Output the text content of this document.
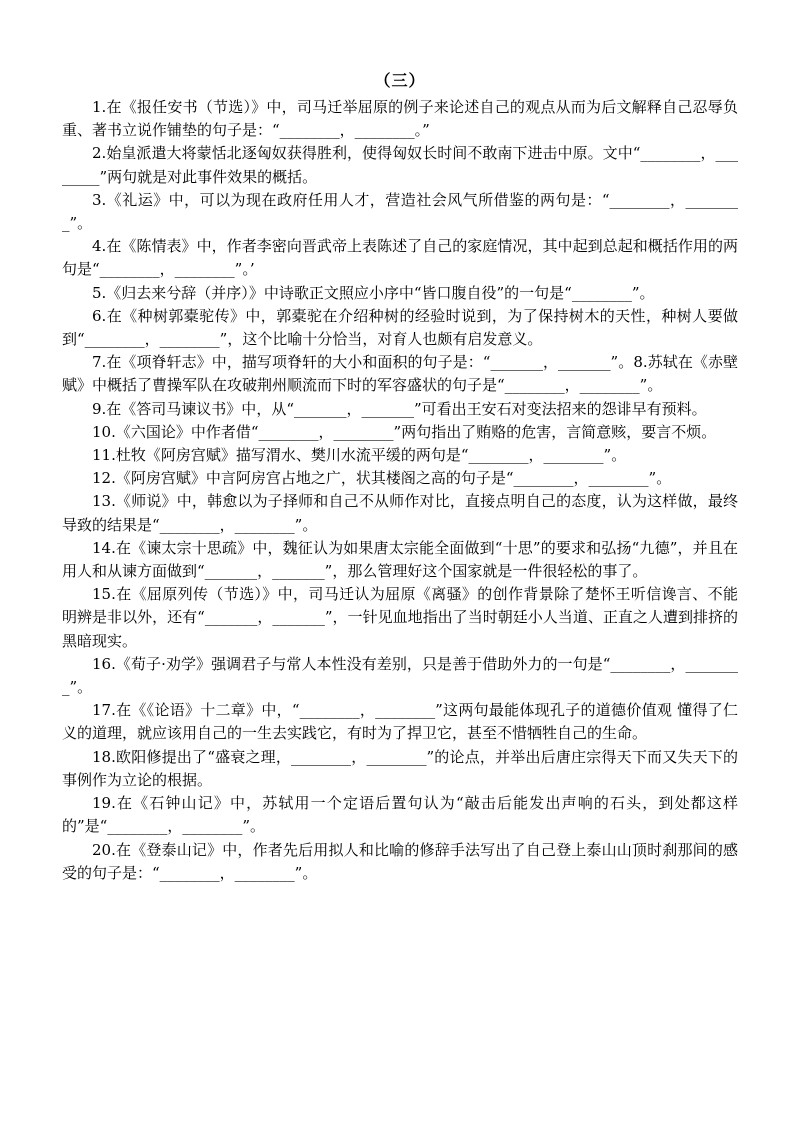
（三）

1.在《报任安书（节选）》中，司马迁举屈原的例子来论述自己的观点从而为后文解释自己忍辱负重、著书立说作铺垫的句子是：“________，________。”

2.始皇派遣大将蒙恬北逐匈奴获得胜利，使得匈奴长时间不敢南下进击中原。文中“________，________”两句就是对此事件效果的概括。

3.《礼运》中，可以为现在政府任用人才，营造社会风气所借鉴的两句是：“________，________”。

4.在《陈情表》中，作者李密向晋武帝上表陈述了自己的家庭情况，其中起到总起和概括作用的两句是“________，________”。’

5.《归去来兮辞（并序）》中诗歌正文照应小序中“皆口腹自役”的一句是“________”。

6.在《种树郭橐驼传》中，郭橐驼在介绍种树的经验时说到，为了保持树木的天性，种树人要做到“________，________”，这个比喻十分恰当，对育人也颇有启发意义。

7.在《项脊轩志》中，描写项脊轩的大小和面积的句子是：“_______，_______”。8.苏轼在《赤壁赋》中概括了曹操军队在攻破荆州顺流而下时的军容盛状的句子是“________，________”。

9.在《答司马谏议书》中，从“_______，_______”可看出王安石对变法招来的怨诽早有预料。

10.《六国论》中作者借“________，________”两句指出了贿赂的危害，言简意赅，要言不烦。

11.杜牧《阿房宫赋》描写渭水、樊川水流平缓的两句是“________，________”。

12.《阿房宫赋》中言阿房宫占地之广，状其楼阁之高的句子是“________，________”。

13.《师说》中，韩愈以为子择师和自己不从师作对比，直接点明自己的态度，认为这样做，最终导致的结果是“________，________”。

14.在《谏太宗十思疏》中，魏征认为如果唐太宗能全面做到“十思”的要求和弘扬“九德”，并且在用人和从谏方面做到“_______，_______”，那么管理好这个国家就是一件很轻松的事了。

15.在《屈原列传（节选）》中，司马迁认为屈原《离骚》的创作背景除了楚怀王听信谗言、不能明辨是非以外，还有“_______，_______”，一针见血地指出了当时朝廷小人当道、正直之人遭到排挤的黑暗现实。

16.《荀子·劝学》强调君子与常人本性没有差别，只是善于借助外力的一句是“________，________”。

17.在《《论语》十二章》中，“________，________”这两句最能体现孔子的道德价值观 懂得了仁义的道理，就应该用自己的一生去实践它，有时为了捍卫它，甚至不惜牺牲自己的生命。

18.欧阳修提出了“盛衰之理，________，________”的论点，并举出后唐庄宗得天下而又失天下的事例作为立论的根据。

19.在《石钟山记》中，苏轼用一个定语后置句认为“敲击后能发出声响的石头，到处都这样的”是“________，________”。

20.在《登泰山记》中，作者先后用拟人和比喻的修辞手法写出了自己登上泰山山顶时刹那间的感受的句子是：“________，________”。
